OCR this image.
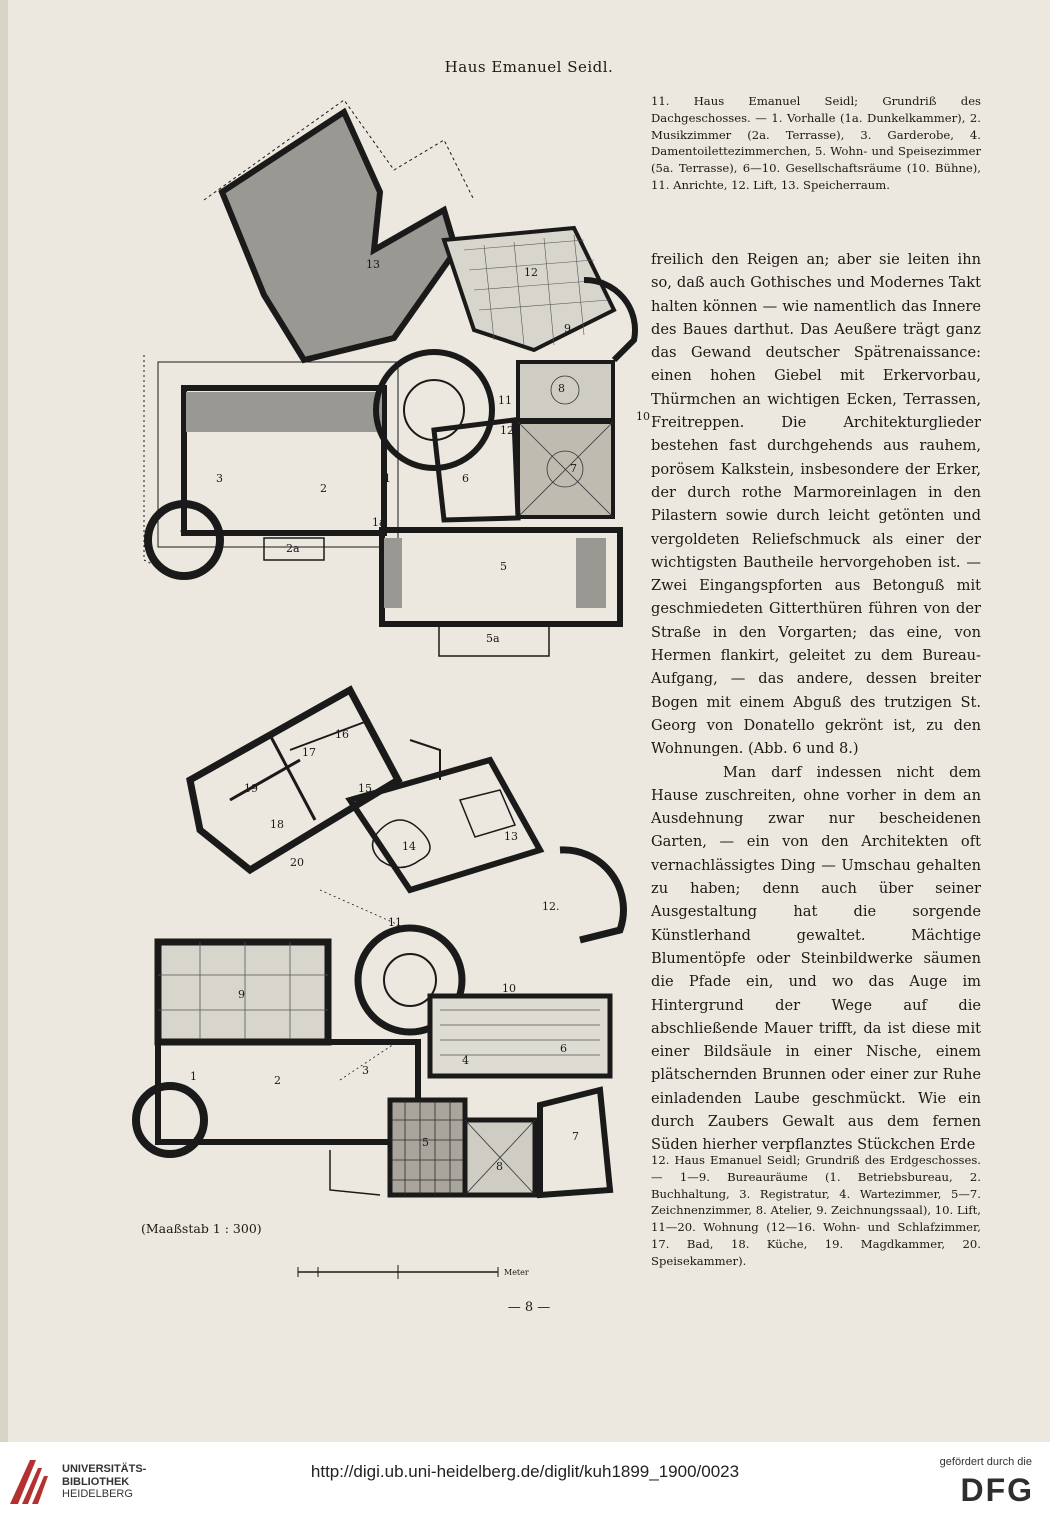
Haus Emanuel Seidl.
13
12
9
8
11
12
7
6
1
2
3
4
1a
2a
5
5a
10
16
17
15
19
18
14
13
20
12.
11
9
1	2
3
4
5
6
7
8
10
Meter

11. Haus Emanuel Seidl; Grundriß des Dachgeschosses. — 1. Vorhalle (1a. Dunkelkammer), 2. Musikzimmer (2a. Terrasse), 3. Garderobe, 4. Damentoilettezimmerchen, 5. Wohn- und Speisezimmer (5a. Terrasse), 6—10. Gesellschaftsräume (10. Bühne), 11. Anrichte, 12. Lift, 13. Speicherraum.

freilich den Reigen an; aber sie leiten ihn so, daß auch Gothisches und Modernes Takt halten können — wie namentlich das Innere des Baues darthut. Das Aeußere trägt ganz das Gewand deutscher Spätrenaissance: einen hohen Giebel mit Erkervorbau, Thürmchen an wichtigen Ecken, Terrassen, Freitreppen. Die Architekturglieder bestehen fast durchgehends aus rauhem, porösem Kalkstein, insbesondere der Erker, der durch rothe Marmoreinlagen in den Pilastern sowie durch leicht getönten und vergoldeten Reliefschmuck als einer der wichtigsten Bautheile hervorgehoben ist. — Zwei Eingangspforten aus Betonguß mit geschmiedeten Gitterthüren führen von der Straße in den Vorgarten; das eine, von Hermen flankirt, geleitet zu dem Bureau-Aufgang, — das andere, dessen breiter Bogen mit einem Abguß des trutzigen St. Georg von Donatello gekrönt ist, zu den Wohnungen. (Abb. 6 und 8.)

Man darf indessen nicht dem Hause zuschreiten, ohne vorher in dem an Ausdehnung zwar nur bescheidenen Garten, — ein von den Architekten oft vernachlässigtes Ding — Umschau gehalten zu haben; denn auch über seiner Ausgestaltung hat die sorgende Künstlerhand gewaltet. Mächtige Blumentöpfe oder Steinbildwerke säumen die Pfade ein, und wo das Auge im Hintergrund der Wege auf die abschließende Mauer trifft, da ist diese mit einer Bildsäule in einer Nische, einem plätschernden Brunnen oder einer zur Ruhe einladenden Laube geschmückt. Wie ein durch Zaubers Gewalt aus dem fernen Süden hierher verpflanztes Stückchen Erde

12. Haus Emanuel Seidl; Grundriß des Erdgeschosses. — 1—9. Bureauräume (1. Betriebsbureau, 2. Buchhaltung, 3. Registratur, 4. Wartezimmer, 5—7. Zeichnenzimmer, 8. Atelier, 9. Zeichnungssaal), 10. Lift, 11—20. Wohnung (12—16. Wohn- und Schlafzimmer, 17. Bad, 18. Küche, 19. Magdkammer, 20. Speisekammer).

(Maaßstab 1 : 300)
— 8 —
UNIVERSITÄTS-
BIBLIOTHEK
HEIDELBERG
http://digi.ub.uni-heidelberg.de/diglit/kuh1899_1900/0023	gefördert durch die
DFG
